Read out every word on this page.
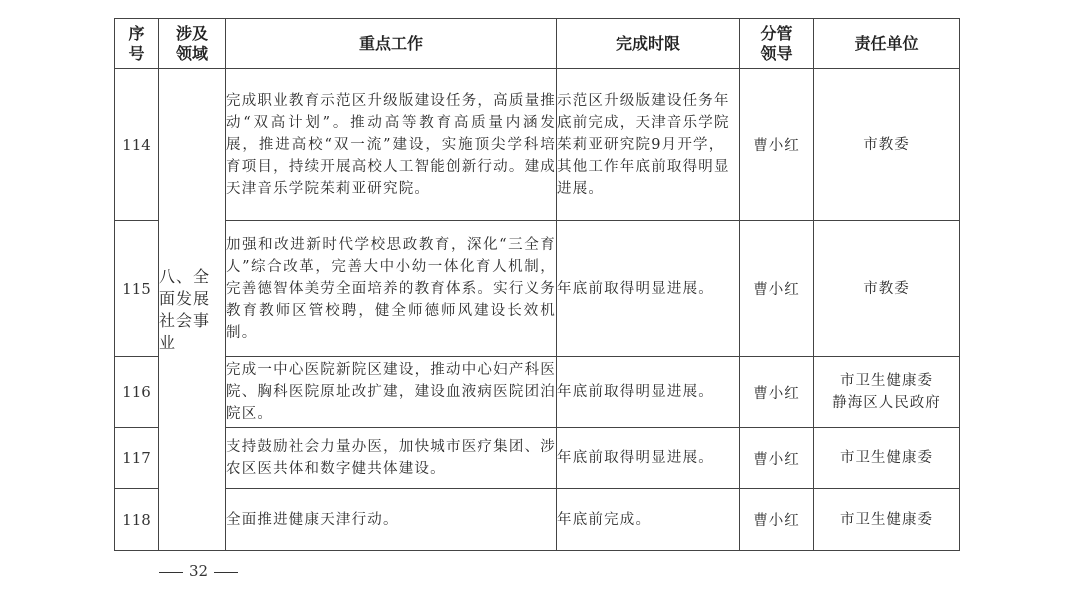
序号	涉及领域	重点工作	完成时限	分管领导	责任单位
114	八、全面发展社会事业	完成职业教育示范区升级版建设任务，高质量推动“双高计划”。推动高等教育高质量内涵发展，推进高校“双一流”建设，实施顶尖学科培育项目，持续开展高校人工智能创新行动。建成天津音乐学院茱莉亚研究院。	示范区升级版建设任务年底前完成，天津音乐学院茱莉亚研究院9月开学，其他工作年底前取得明显进展。	曹小红	市教委

115		加强和改进新时代学校思政教育，深化“三全育人”综合改革，完善大中小幼一体化育人机制，完善德智体美劳全面培养的教育体系。实行义务教育教师区管校聘，健全师德师风建设长效机制。	年底前取得明显进展。	曹小红	市教委

116		完成一中心医院新院区建设，推动中心妇产科医院、胸科医院原址改扩建，建设血液病医院团泊院区。	年底前取得明显进展。	曹小红	市卫生健康委
静海区人民政府

117		支持鼓励社会力量办医，加快城市医疗集团、涉农区医共体和数字健共体建设。	年底前取得明显进展。	曹小红	市卫生健康委

118		全面推进健康天津行动。	年底前完成。	曹小红	市卫生健康委
32
